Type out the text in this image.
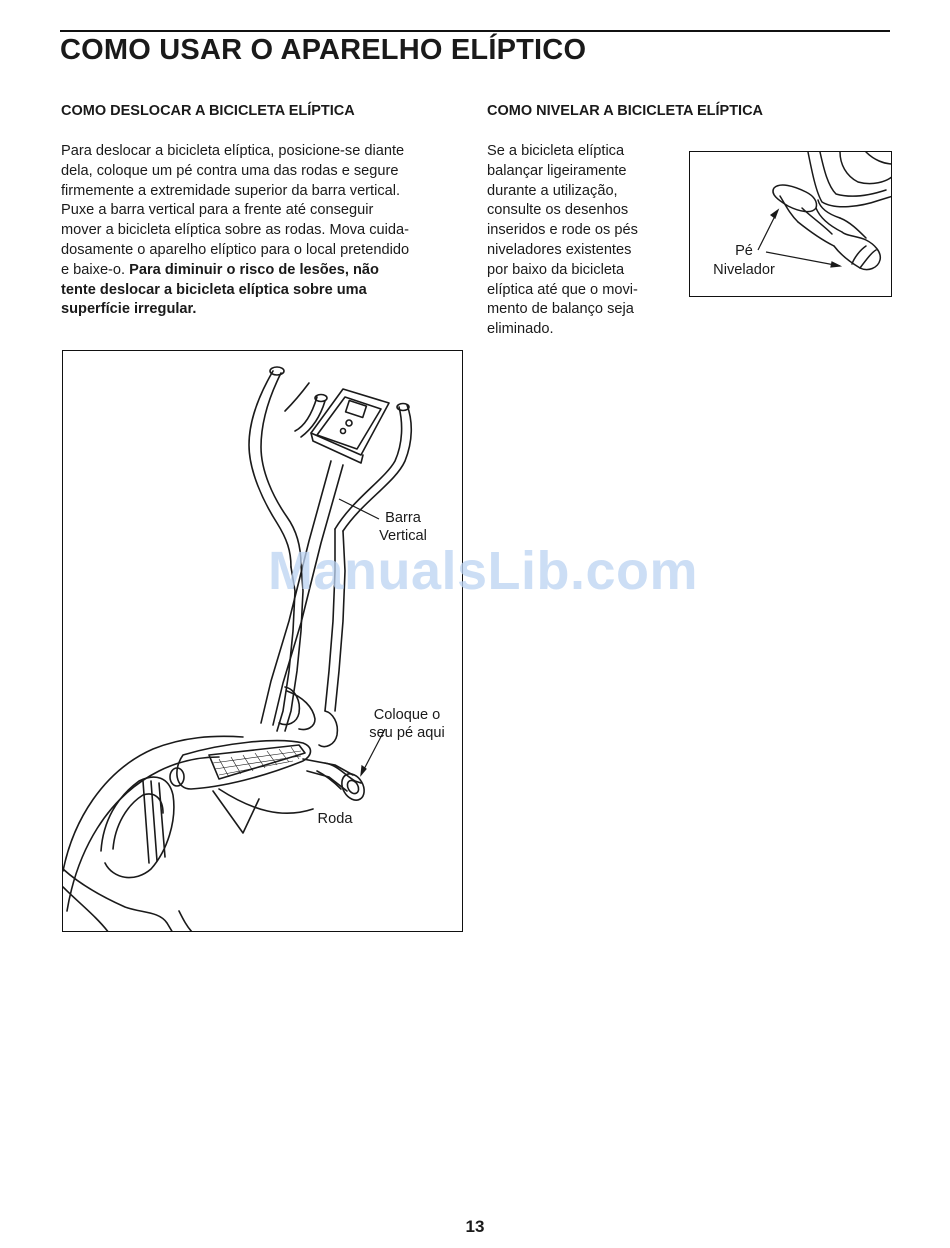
COMO USAR O APARELHO ELÍPTICO
COMO DESLOCAR A BICICLETA ELÍPTICA

Para deslocar a bicicleta elíptica, posicione-se diante
dela, coloque um pé contra uma das rodas e segure
firmemente a extremidade superior da barra vertical.
Puxe a barra vertical para a frente até conseguir
mover a bicicleta elíptica sobre as rodas. Mova cuida-
dosamente o aparelho elíptico para o local pretendido
e baixe-o. Para diminuir o risco de lesões, não
tente deslocar a bicicleta elíptica sobre uma
superfície irregular.

COMO NIVELAR A BICICLETA ELÍPTICA

Se a bicicleta elíptica
balançar ligeiramente
durante a utilização,
consulte os desenhos
inseridos e rode os pés
niveladores existentes
por baixo da bicicleta
elíptica até que o movi-
mento de balanço seja
eliminado.

Pé
Nivelador
Barra
Vertical
Coloque o
seu pé aqui
Roda
ManualsLib.com
13
